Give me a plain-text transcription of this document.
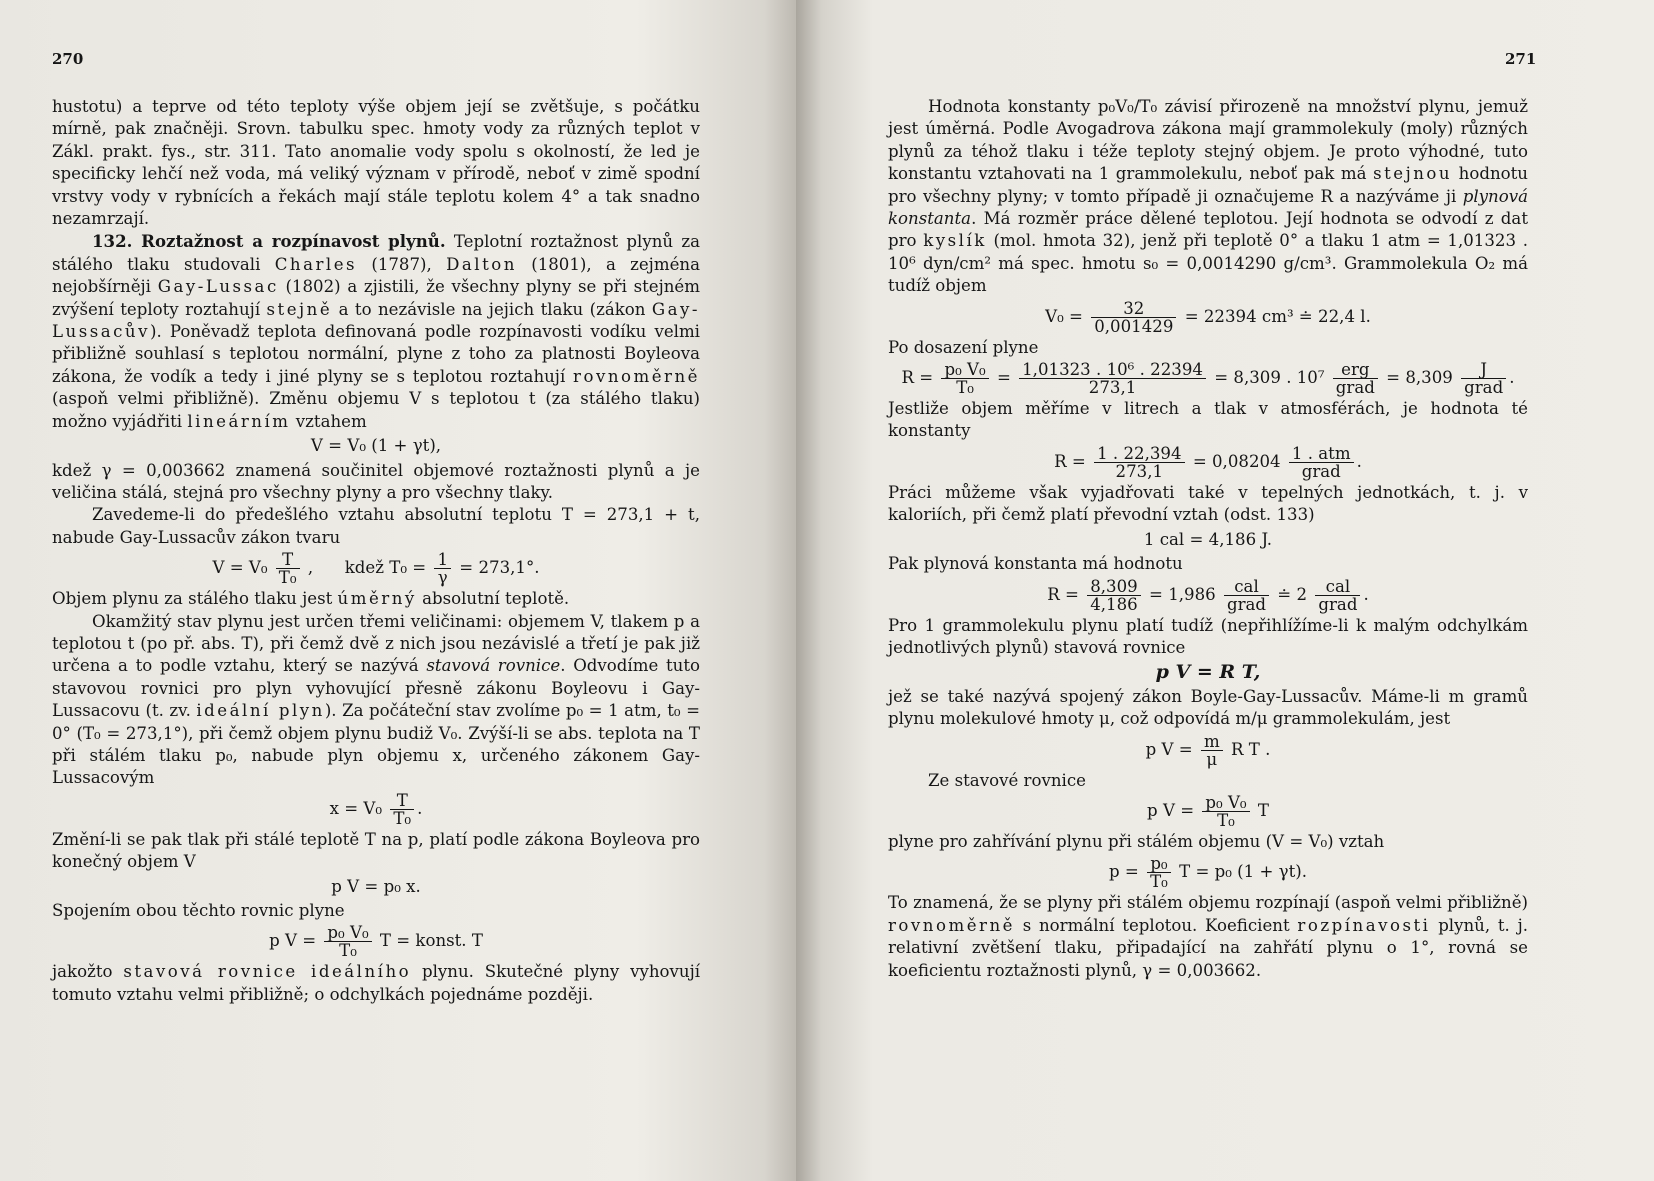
270

hustotu) a teprve od této teploty výše objem její se zvětšuje, s počátku mírně, pak značněji. Srovn. tabulku spec. hmoty vody za různých teplot v Zákl. prakt. fys., str. 311. Tato anomalie vody spolu s okolností, že led je specificky lehčí než voda, má veliký význam v přírodě, neboť v zimě spodní vrstvy vody v rybnících a řekách mají stále teplotu kolem 4° a tak snadno nezamrzají.

132. Roztažnost a rozpínavost plynů. Teplotní roztažnost plynů za stálého tlaku studovali Charles (1787), Dalton (1801), a zejména nejobšírněji Gay-Lussac (1802) a zjistili, že všechny plyny se při stejném zvýšení teploty roztahují stejně a to nezávisle na jejich tlaku (zákon Gay-Lussacův). Poněvadž teplota definovaná podle rozpínavosti vodíku velmi přibližně souhlasí s teplotou normální, plyne z toho za platnosti Boyleova zákona, že vodík a tedy i jiné plyny se s teplotou roztahují rovnoměrně (aspoň velmi přibližně). Změnu objemu V s teplotou t (za stálého tlaku) možno vyjádřiti lineárním vztahem

V = V₀ (1 + γt),

kdež γ = 0,003662 znamená součinitel objemové roztažnosti plynů a je veličina stálá, stejná pro všechny plyny a pro všechny tlaky.

Zavedeme-li do předešlého vztahu absolutní teplotu T = 273,1 + t, nabude Gay-Lussacův zákon tvaru

$V = V_0 \frac{T}{\text{T₀}}$ ,      kdež $T_0 = \frac{1}{\gamma} = 273,1^\circ$.

Objem plynu za stálého tlaku jest úměrný absolutní teplotě.

Okamžitý stav plynu jest určen třemi veličinami: objemem V, tlakem p a teplotou t (po př. abs. T), při čemž dvě z nich jsou nezávislé a třetí je pak již určena a to podle vztahu, který se nazývá stavová rovnice. Odvodíme tuto stavovou rovnici pro plyn vyhovující přesně zákonu Boyleovu i Gay-Lussacovu (t. zv. ideální plyn). Za počáteční stav zvolíme p₀ = 1 atm, t₀ = 0° (T₀ = 273,1°), při čemž objem plynu budiž V₀. Zvýší-li se abs. teplota na T při stálém tlaku p₀, nabude plyn objemu x, určeného zákonem Gay-Lussacovým

$x = V_0 \frac{T}{\text{T₀}}$ .

Změní-li se pak tlak při stálé teplotě T na p, platí podle zákona Boyleova pro konečný objem V

p V = p₀ x.

Spojením obou těchto rovnic plyne

p $V = \frac{\text{p₀ V₀}}{\text{T₀}}$ T = konst. T

jakožto stavová rovnice ideálního plynu. Skutečné plyny vyhovují tomuto vztahu velmi přibližně; o odchylkách pojednáme později.

271

Hodnota konstanty p₀V₀/T₀ závisí přirozeně na množství plynu, jemuž jest úměrná. Podle Avogadrova zákona mají grammolekuly (moly) různých plynů za téhož tlaku i téže teploty stejný objem. Je proto výhodné, tuto konstantu vztahovati na 1 grammolekulu, neboť pak má stejnou hodnotu pro všechny plyny; v tomto případě ji označujeme R a nazýváme ji plynová konstanta. Má rozměr práce dělené teplotou. Její hodnota se odvodí z dat pro kyslík (mol. hmota 32), jenž při teplotě 0° a tlaku 1 atm = 1,01323 . 10⁶ dyn/cm² má spec. hmotu s₀ = 0,0014290 g/cm³. Grammolekula O₂ má tudíž objem

$V_0 = \frac{32}{0,001429} = 22394$ cm³ ≐ 22,4 l.

Po dosazení plyne

$R = \frac{\text{p₀ V₀}}{\text{T₀}} = \frac{\text{1,01323 . 10⁶ . 22394}}{273,1} = 8,309$ . $10^7 \frac{\text{erg}}{\text{grad}} = 8,309 \frac{J}{\text{grad}}$ .

Jestliže objem měříme v litrech a tlak v atmosférách, je hodnota té konstanty

$R = \frac{1 . 22,394}{273,1} = 0,08204 \frac{\text{1 . atm}}{\text{grad}}$ .

Práci můžeme však vyjadřovati také v tepelných jednotkách, t. j. v kaloriích, při čemž platí převodní vztah (odst. 133)

1 cal = 4,186 J.

Pak plynová konstanta má hodnotu

$R = \frac{8,309}{4,186} = 1,986 \frac{\text{cal}}{\text{grad}}$ ≐ $2 \frac{\text{cal}}{\text{grad}}$ .

Pro 1 grammolekulu plynu platí tudíž (nepřihlížíme-li k malým odchylkám jednotlivých plynů) stavová rovnice

p V = R T,

jež se také nazývá spojený zákon Boyle-Gay-Lussacův. Máme-li m gramů plynu molekulové hmoty μ, což odpovídá m/μ grammolekulám, jest

p $V = \frac{m}{\mu}$ R T .

Ze stavové rovnice

p $V = \frac{\text{p₀ V₀}}{\text{T₀}}$ T

plyne pro zahřívání plynu při stálém objemu (V = V₀) vztah

$p = \frac{\text{p₀}}{\text{T₀}}$ T = p₀ (1 + γt).

To znamená, že se plyny při stálém objemu rozpínají (aspoň velmi přibližně) rovnoměrně s normální teplotou. Koeficient rozpínavosti plynů, t. j. relativní zvětšení tlaku, připadající na zahřátí plynu o 1°, rovná se koeficientu roztažnosti plynů, γ = 0,003662.
